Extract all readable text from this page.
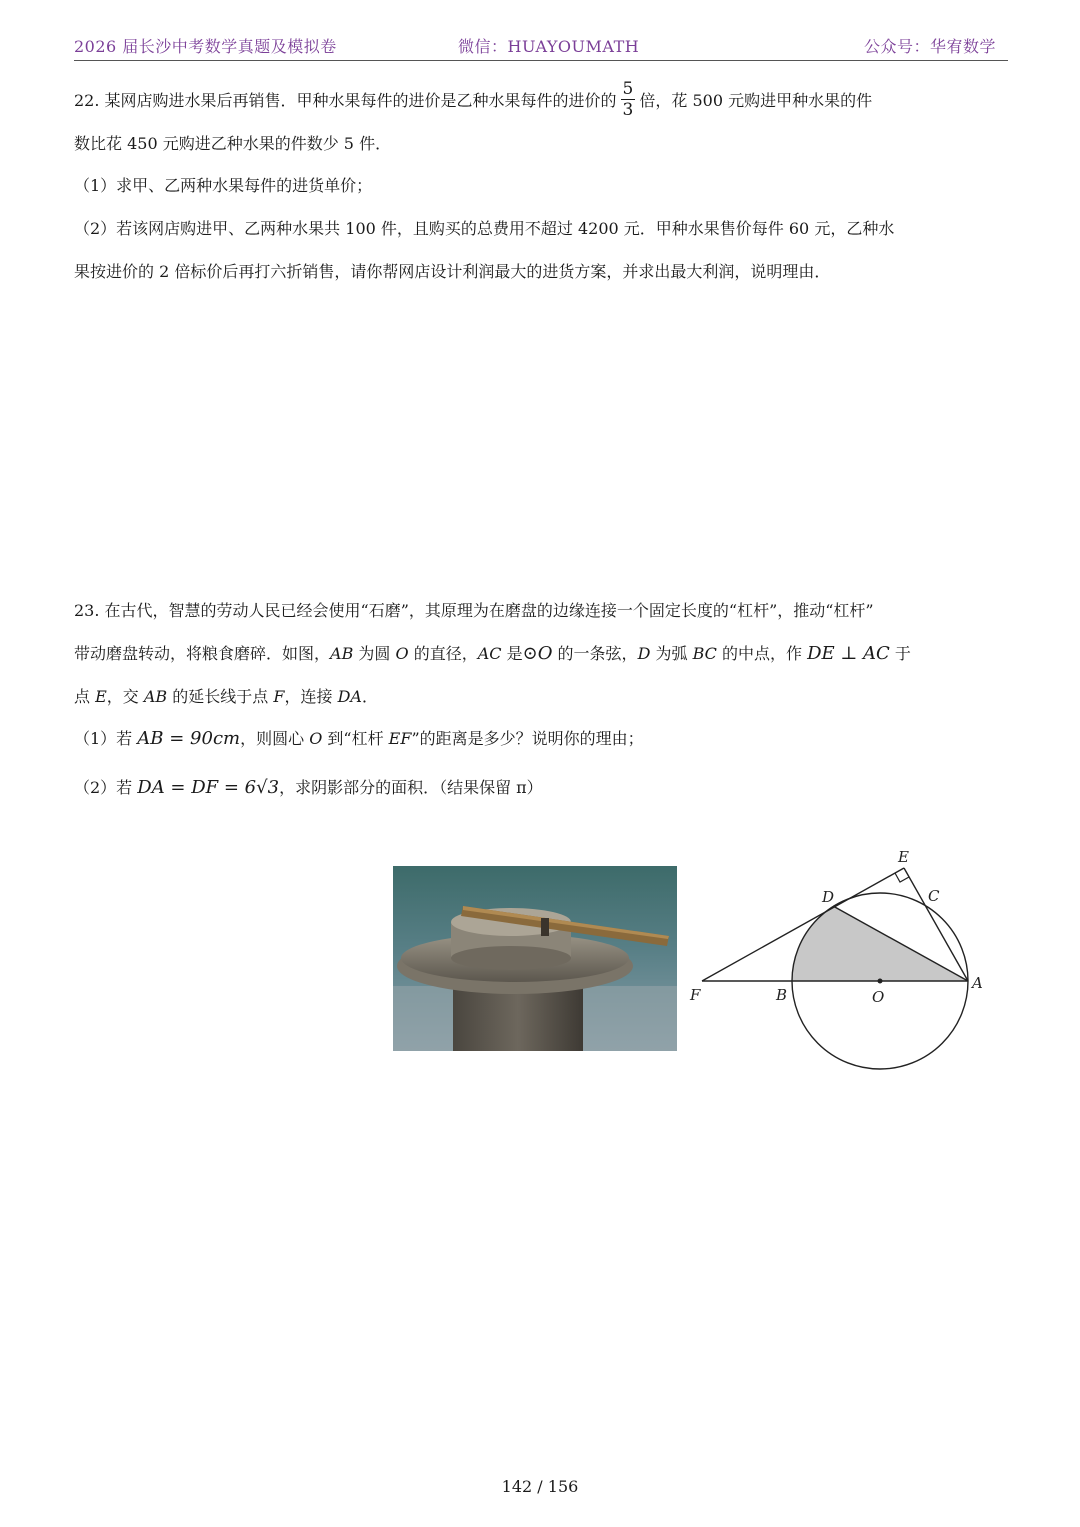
2026 届长沙中考数学真题及模拟卷	微信：HUAYOUMATH	公众号：华宥数学
22. 某网店购进水果后再销售．甲种水果每件的进价是乙种水果每件的进价的 $\frac{5}{3}$ 倍，花 500 元购进甲种水果的件
数比花 450 元购进乙种水果的件数少 5 件．
（1）求甲、乙两种水果每件的进货单价；
（2）若该网店购进甲、乙两种水果共 100 件，且购买的总费用不超过 4200 元．甲种水果售价每件 60 元，乙种水
果按进价的 2 倍标价后再打六折销售，请你帮网店设计利润最大的进货方案，并求出最大利润，说明理由．
23. 在古代，智慧的劳动人民已经会使用“石磨”，其原理为在磨盘的边缘连接一个固定长度的“杠杆”，推动“杠杆”
带动磨盘转动，将粮食磨碎．如图，AB 为圆 O 的直径，AC 是⊙O 的一条弦，D 为弧 BC 的中点，作 DE ⊥ AC 于
点 E，交 AB 的延长线于点 F，连接 DA．
（1）若 AB = 90cm，则圆心 O 到“杠杆 EF”的距离是多少？说明你的理由；
（2）若 DA = DF = 6√3，求阴影部分的面积．（结果保留 π）
E
D	C
F	B	O
A
142 / 156
